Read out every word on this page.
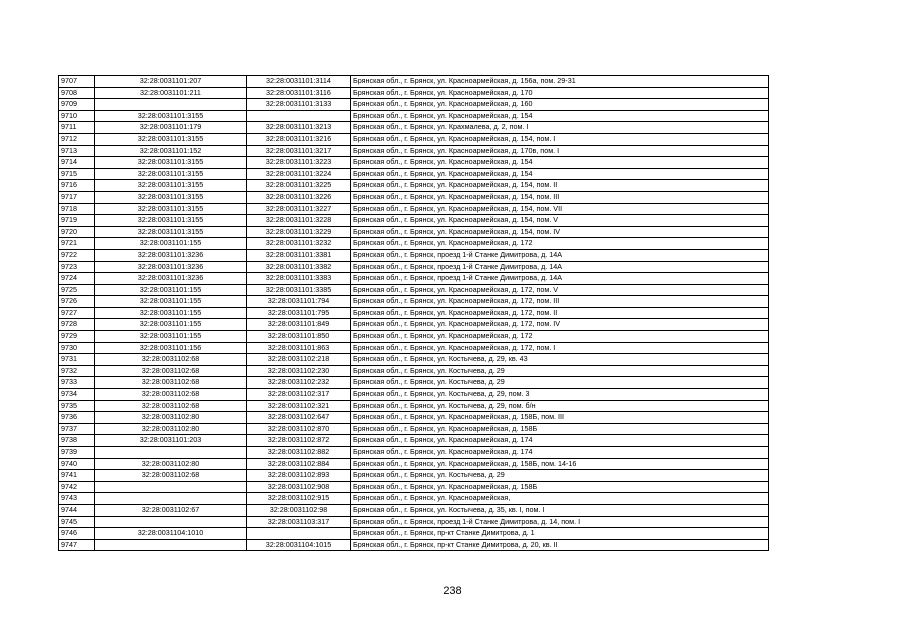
9707	32:28:0031101:207	32:28:0031101:3114	Брянская обл., г. Брянск, ул. Красноармейская, д. 156а, пом. 29-31
9708	32:28:0031101:211	32:28:0031101:3116	Брянская обл., г. Брянск, ул. Красноармейская, д. 170
9709		32:28:0031101:3133	Брянская обл., г. Брянск, ул. Красноармейская, д. 160
9710	32:28:0031101:3155		Брянская обл., г. Брянск, ул. Красноармейская, д. 154
9711	32:28:0031101:179	32:28:0031101:3213	Брянская обл., г. Брянск, ул. Крахмалева, д. 2, пом. I
9712	32:28:0031101:3155	32:28:0031101:3216	Брянская обл., г. Брянск, ул. Красноармейская, д. 154, пом. I
9713	32:28:0031101:152	32:28:0031101:3217	Брянская обл., г. Брянск, ул. Красноармейская, д. 170в, пом. I
9714	32:28:0031101:3155	32:28:0031101:3223	Брянская обл., г. Брянск, ул. Красноармейская, д. 154
9715	32:28:0031101:3155	32:28:0031101:3224	Брянская обл., г. Брянск, ул. Красноармейская, д. 154
9716	32:28:0031101:3155	32:28:0031101:3225	Брянская обл., г. Брянск, ул. Красноармейская, д. 154, пом. II
9717	32:28:0031101:3155	32:28:0031101:3226	Брянская обл., г. Брянск, ул. Красноармейская, д. 154, пом. III
9718	32:28:0031101:3155	32:28:0031101:3227	Брянская обл., г. Брянск, ул. Красноармейская, д. 154, пом. VII
9719	32:28:0031101:3155	32:28:0031101:3228	Брянская обл., г. Брянск, ул. Красноармейская, д. 154, пом. V
9720	32:28:0031101:3155	32:28:0031101:3229	Брянская обл., г. Брянск, ул. Красноармейская, д. 154, пом. IV
9721	32:28:0031101:155	32:28:0031101:3232	Брянская обл., г. Брянск, ул. Красноармейская, д. 172
9722	32:28:0031101:3236	32:28:0031101:3381	Брянская обл., г. Брянск, проезд 1-й Станке Димитрова, д. 14А
9723	32:28:0031101:3236	32:28:0031101:3382	Брянская обл., г. Брянск, проезд 1-й Станке Димитрова, д. 14А
9724	32:28:0031101:3236	32:28:0031101:3383	Брянская обл., г. Брянск, проезд 1-й Станке Димитрова, д. 14А
9725	32:28:0031101:155	32:28:0031101:3385	Брянская обл., г. Брянск, ул. Красноармейская, д. 172, пом. V
9726	32:28:0031101:155	32:28:0031101:794	Брянская обл., г. Брянск, ул. Красноармейская, д. 172, пом. III
9727	32:28:0031101:155	32:28:0031101:795	Брянская обл., г. Брянск, ул. Красноармейская, д. 172, пом. II
9728	32:28:0031101:155	32:28:0031101:849	Брянская обл., г. Брянск, ул. Красноармейская, д. 172, пом. IV
9729	32:28:0031101:155	32:28:0031101:850	Брянская обл., г. Брянск, ул. Красноармейская, д. 172
9730	32:28:0031101:156	32:28:0031101:863	Брянская обл., г. Брянск, ул. Красноармейская, д. 172, пом. I
9731	32:28:0031102:68	32:28:0031102:218	Брянская обл., г. Брянск, ул. Костычева, д. 29, кв. 43
9732	32:28:0031102:68	32:28:0031102:230	Брянская обл., г. Брянск, ул. Костычева, д. 29
9733	32:28:0031102:68	32:28:0031102:232	Брянская обл., г. Брянск, ул. Костычева, д. 29
9734	32:28:0031102:68	32:28:0031102:317	Брянская обл., г. Брянск, ул. Костычева, д. 29, пом. 3
9735	32:28:0031102:68	32:28:0031102:321	Брянская обл., г. Брянск, ул. Костычева, д. 29, пом. б/н
9736	32:28:0031102:80	32:28:0031102:647	Брянская обл., г. Брянск, ул. Красноармейская, д. 158Б, пом. III
9737	32:28:0031102:80	32:28:0031102:870	Брянская обл., г. Брянск, ул. Красноармейская, д. 158Б
9738	32:28:0031101:203	32:28:0031102:872	Брянская обл., г. Брянск, ул. Красноармейская, д. 174
9739		32:28:0031102:882	Брянская обл., г. Брянск, ул. Красноармейская, д. 174
9740	32:28:0031102:80	32:28:0031102:884	Брянская обл., г. Брянск, ул. Красноармейская, д. 158Б, пом. 14-16
9741	32:28:0031102:68	32:28:0031102:893	Брянская обл., г. Брянск, ул. Костычева, д. 29
9742		32:28:0031102:908	Брянская обл., г. Брянск, ул. Красноармейская, д. 158Б
9743		32:28:0031102:915	Брянская обл., г. Брянск, ул. Красноармейская,
9744	32:28:0031102:67	32:28:0031102:98	Брянская обл., г. Брянск, ул. Костычева, д. 35, кв. I, пом. I
9745		32:28:0031103:317	Брянская обл., г. Брянск, проезд 1-й Станке Димитрова, д. 14, пом. I
9746	32:28:0031104:1010		Брянская обл., г. Брянск, пр-кт Станке Димитрова, д. 1
9747		32:28:0031104:1015	Брянская обл., г. Брянск, пр-кт Станке Димитрова, д. 20, кв. II
238
